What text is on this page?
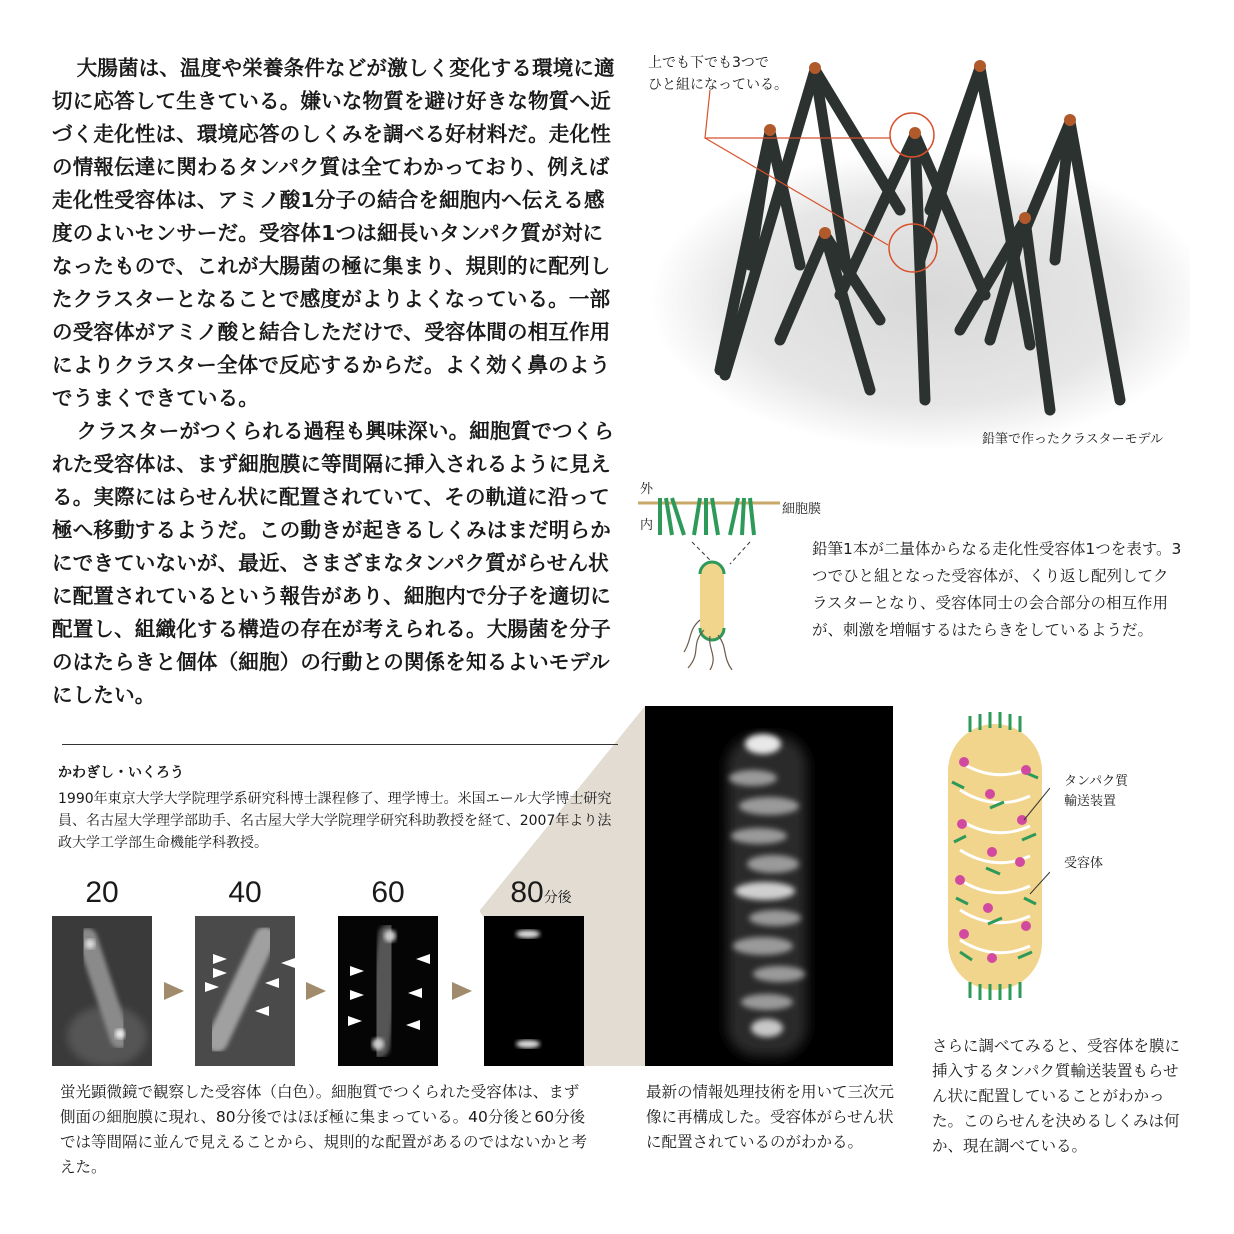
大腸菌は、温度や栄養条件などが激しく変化する環境に適切に応答して生きている。嫌いな物質を避け好きな物質へ近づく走化性は、環境応答のしくみを調べる好材料だ。走化性の情報伝達に関わるタンパク質は全てわかっており、例えば走化性受容体は、アミノ酸1分子の結合を細胞内へ伝える感度のよいセンサーだ。受容体1つは細長いタンパク質が対になったもので、これが大腸菌の極に集まり、規則的に配列したクラスターとなることで感度がよりよくなっている。一部の受容体がアミノ酸と結合しただけで、受容体間の相互作用によりクラスター全体で反応するからだ。よく効く鼻のようでうまくできている。

クラスターがつくられる過程も興味深い。細胞質でつくられた受容体は、まず細胞膜に等間隔に挿入されるように見える。実際にはらせん状に配置されていて、その軌道に沿って極へ移動するようだ。この動きが起きるしくみはまだ明らかにできていないが、最近、さまざまなタンパク質がらせん状に配置されているという報告があり、細胞内で分子を適切に配置し、組織化する構造の存在が考えられる。大腸菌を分子のはたらきと個体（細胞）の行動との関係を知るよいモデルにしたい。

かわぎし・いくろう
1990年東京大学大学院理学系研究科博士課程修了、理学博士。米国エール大学博士研究員、名古屋大学理学部助手、名古屋大学大学院理学研究科助教授を経て、2007年より法政大学工学部生命機能学科教授。
上でも下でも3つで
ひと組になっている。
鉛筆で作ったクラスターモデル
外
内
細胞膜
鉛筆1本が二量体からなる走化性受容体1つを表す。3つでひと組となった受容体が、くり返し配列してクラスターとなり、受容体同士の会合部分の相互作用が、刺激を増幅するはたらきをしているようだ。
20	40	60	80分後
蛍光顕微鏡で観察した受容体（白色）。細胞質でつくられた受容体は、まず側面の細胞膜に現れ、80分後ではほぼ極に集まっている。40分後と60分後では等間隔に並んで見えることから、規則的な配置があるのではないかと考えた。
最新の情報処理技術を用いて三次元像に再構成した。受容体がらせん状に配置されているのがわかる。
タンパク質
輸送装置
受容体
さらに調べてみると、受容体を膜に挿入するタンパク質輸送装置もらせん状に配置していることがわかった。このらせんを決めるしくみは何か、現在調べている。
